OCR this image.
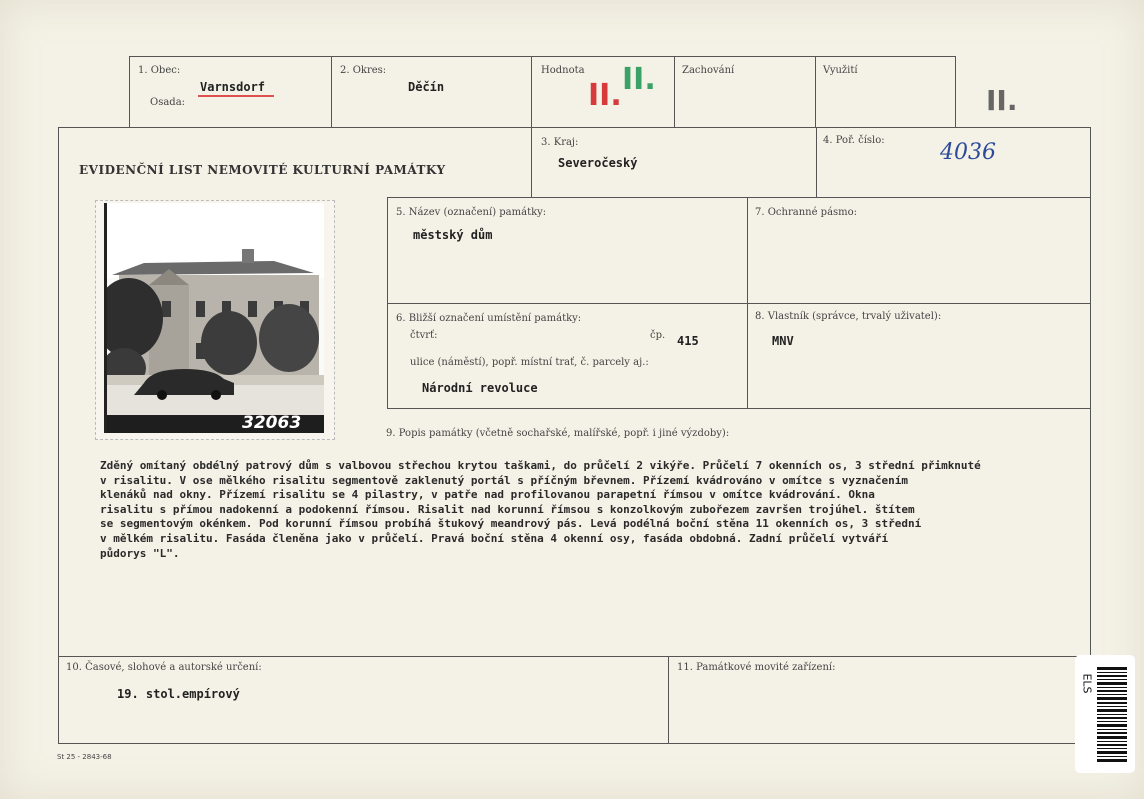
1. Obec:
Varnsdorf
Osada:
2. Okres:
Děčín
Hodnota
II. II.	Zachování	Využití
II.
EVIDENČNÍ LIST NEMOVITÉ KULTURNÍ PAMÁTKY
3. Kraj:
Severočeský
4. Poř. číslo:	4036
32063
5. Název (označení) památky:
městský dům
7. Ochranné pásmo:
6. Bližší označení umístění památky:
čtvrť:	čp. 415
ulice (náměstí), popř. místní trať, č. parcely aj.:
Národní revoluce
8. Vlastník (správce, trvalý uživatel):
MNV
9. Popis památky (včetně sochařské, malířské, popř. i jiné výzdoby):
Zděný omítaný obdélný patrový dům s valbovou střechou krytou taškami, do průčelí 2 vikýře. Průčelí 7 okenních os, 3 střední přimknuté
v risalitu. V ose mělkého risalitu segmentově zaklenutý portál s příčným břevnem. Přízemí kvádrováno v omítce s vyznačením
klenáků nad okny. Přízemí risalitu se 4 pilastry, v patře nad profilovanou parapetní římsou v omítce kvádrování. Okna
risalitu s přímou nadokenní a podokenní římsou. Risalit nad korunní římsou s konzolkovým zubořezem završen trojúhel. štítem
se segmentovým okénkem. Pod korunní římsou probíhá štukový meandrový pás. Levá podélná boční stěna 11 okenních os, 3 střední
v mělkém risalitu. Fasáda členěna jako v průčelí. Pravá boční stěna 4 okenní osy, fasáda obdobná. Zadní průčelí vytváří
půdorys "L".
10. Časové, slohové a autorské určení:
19. stol.empírový
11. Památkové movité zařízení:
St 25 - 2843-68
ELS
